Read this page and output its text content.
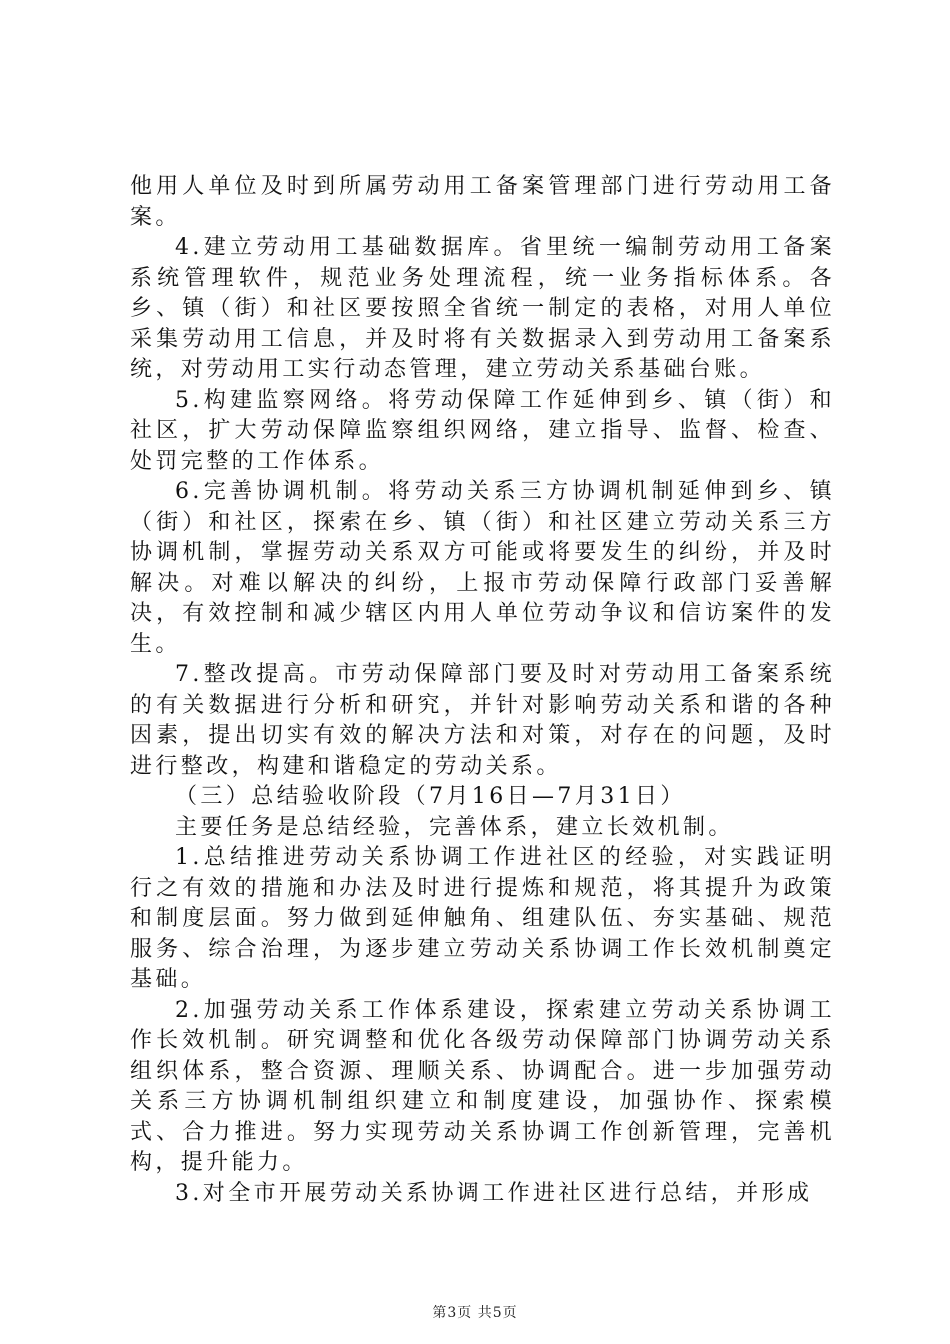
他用人单位及时到所属劳动用工备案管理部门进行劳动用工备案。

4.建立劳动用工基础数据库。省里统一编制劳动用工备案系统管理软件，规范业务处理流程，统一业务指标体系。各乡、镇（街）和社区要按照全省统一制定的表格，对用人单位采集劳动用工信息，并及时将有关数据录入到劳动用工备案系统，对劳动用工实行动态管理，建立劳动关系基础台账。

5.构建监察网络。将劳动保障工作延伸到乡、镇（街）和社区，扩大劳动保障监察组织网络，建立指导、监督、检查、处罚完整的工作体系。

6.完善协调机制。将劳动关系三方协调机制延伸到乡、镇（街）和社区，探索在乡、镇（街）和社区建立劳动关系三方协调机制，掌握劳动关系双方可能或将要发生的纠纷，并及时解决。对难以解决的纠纷，上报市劳动保障行政部门妥善解决，有效控制和减少辖区内用人单位劳动争议和信访案件的发生。

7.整改提高。市劳动保障部门要及时对劳动用工备案系统的有关数据进行分析和研究，并针对影响劳动关系和谐的各种因素，提出切实有效的解决方法和对策，对存在的问题，及时进行整改，构建和谐稳定的劳动关系。

（三）总结验收阶段（7月16日—7月31日）

主要任务是总结经验，完善体系，建立长效机制。

1.总结推进劳动关系协调工作进社区的经验，对实践证明行之有效的措施和办法及时进行提炼和规范，将其提升为政策和制度层面。努力做到延伸触角、组建队伍、夯实基础、规范服务、综合治理，为逐步建立劳动关系协调工作长效机制奠定基础。

2.加强劳动关系工作体系建设，探索建立劳动关系协调工作长效机制。研究调整和优化各级劳动保障部门协调劳动关系组织体系，整合资源、理顺关系、协调配合。进一步加强劳动关系三方协调机制组织建立和制度建设，加强协作、探索模式、合力推进。努力实现劳动关系协调工作创新管理，完善机构，提升能力。

3.对全市开展劳动关系协调工作进社区进行总结，并形成

第3页 共5页
